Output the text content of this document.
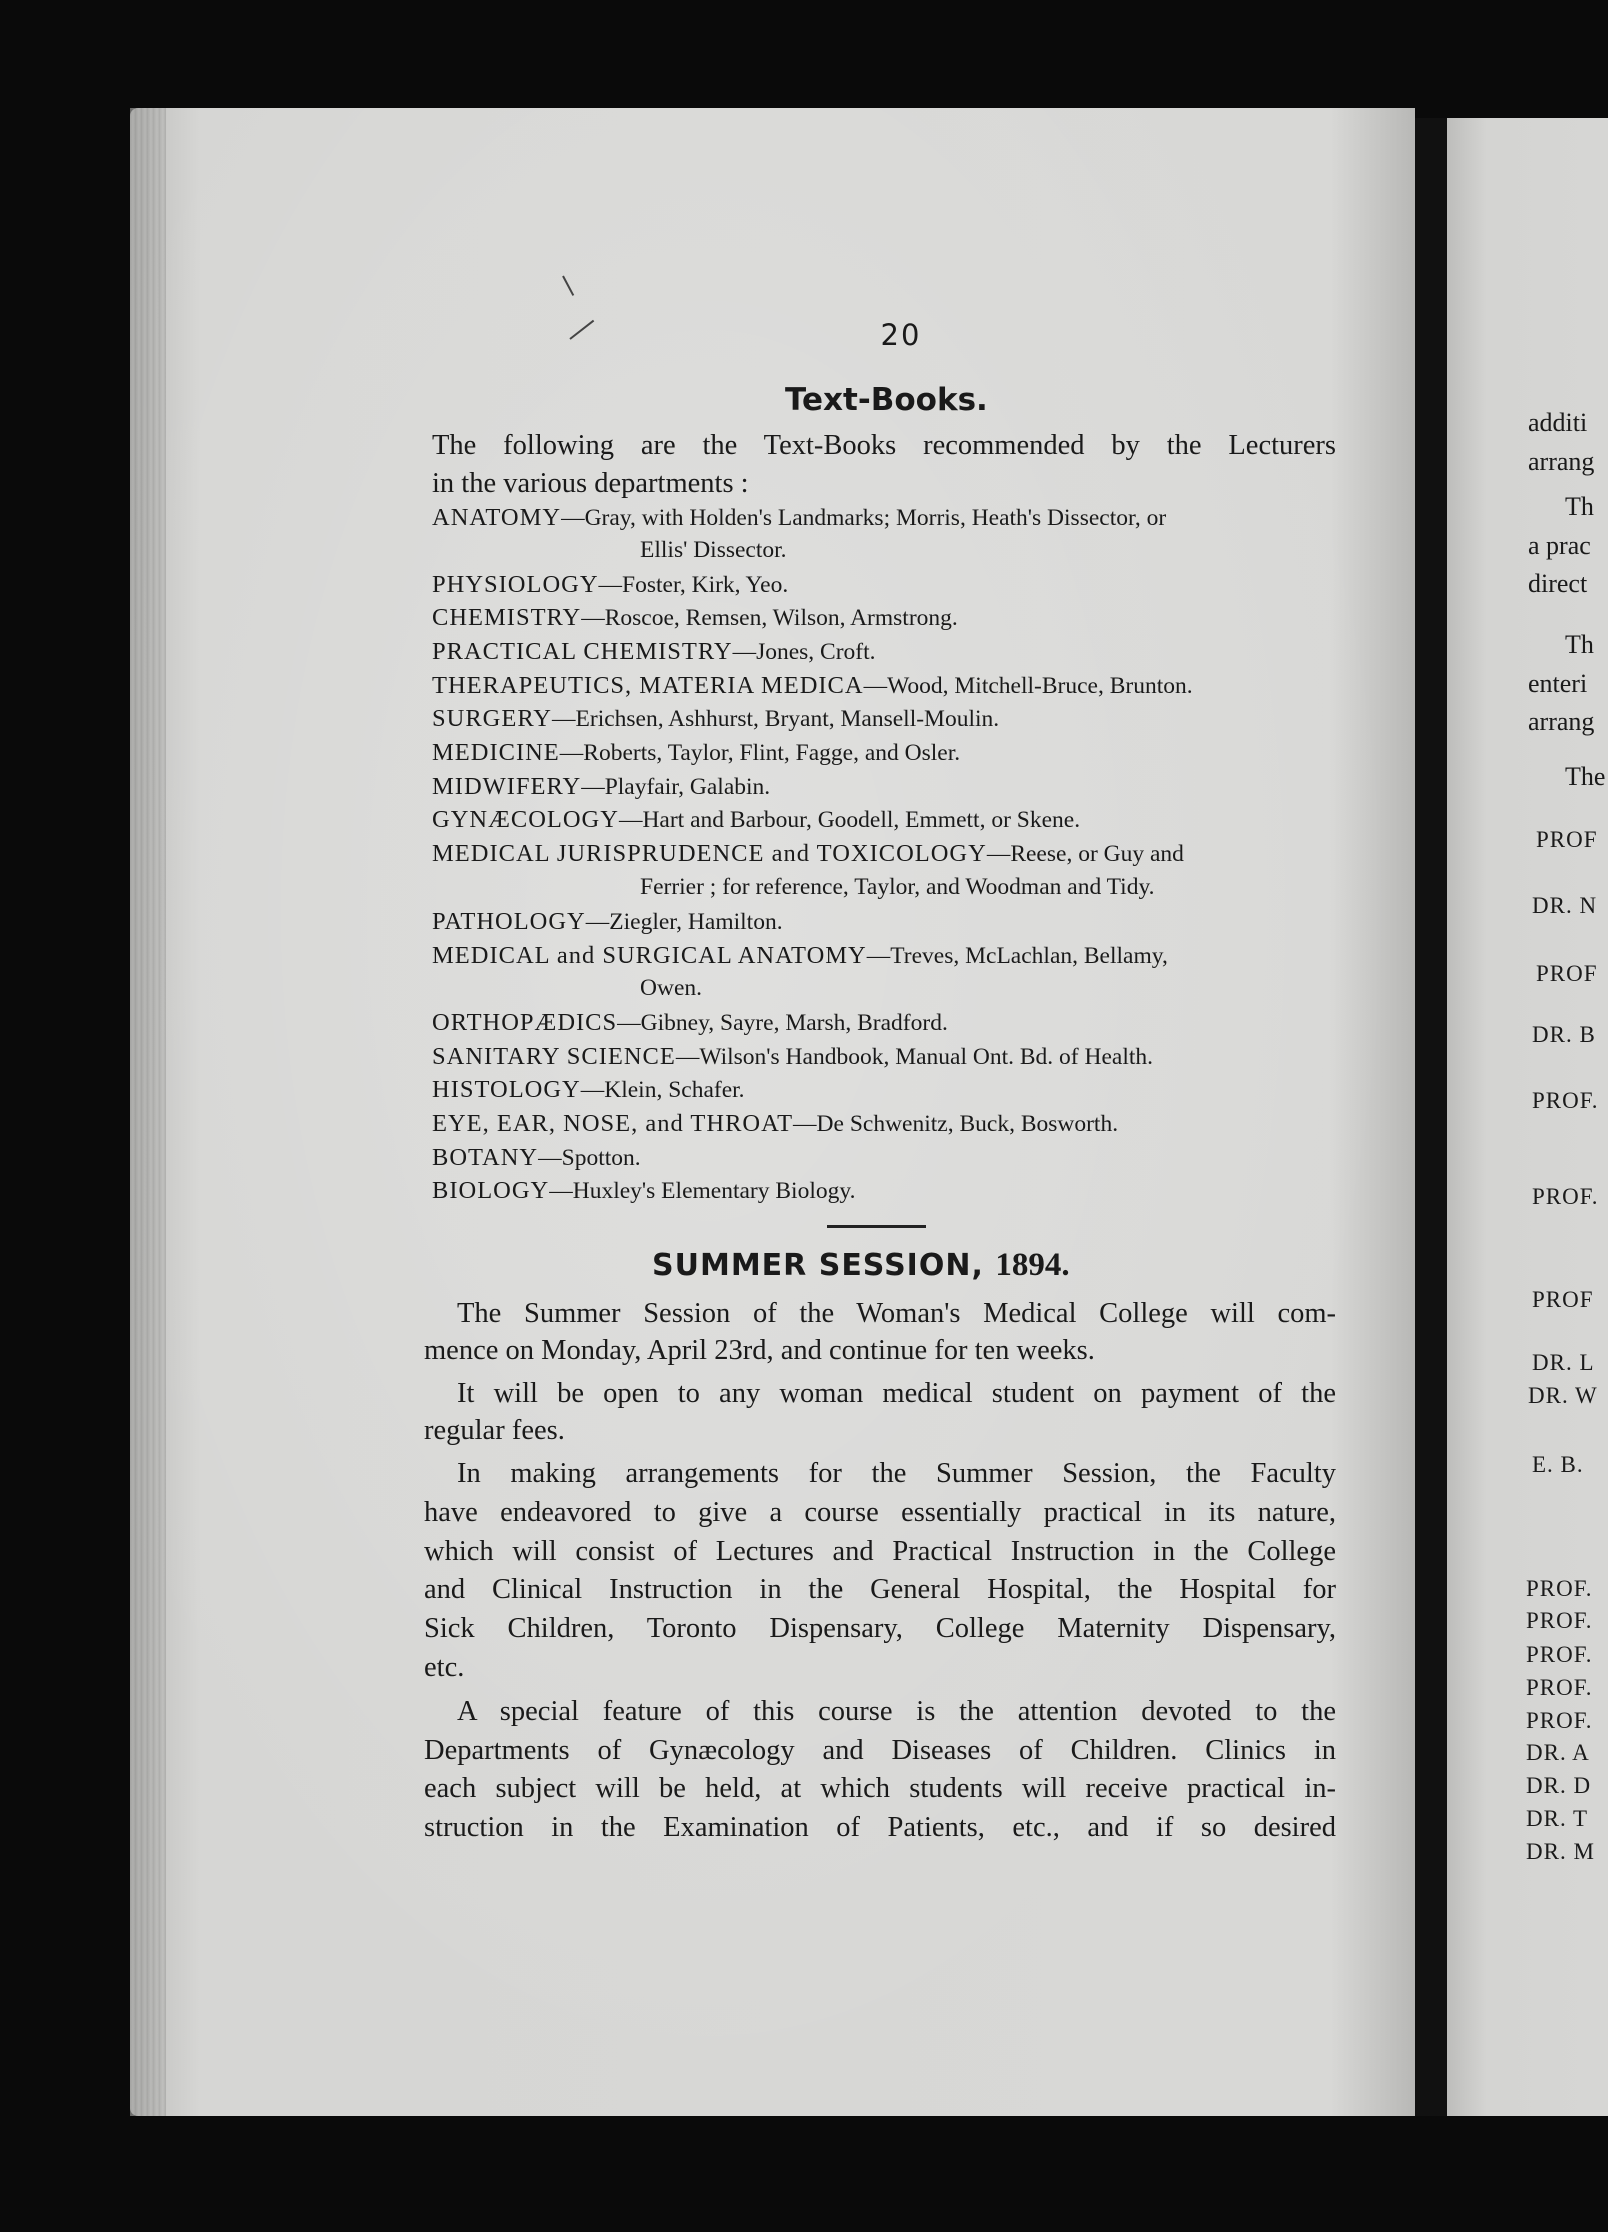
20
Text-Books.
The following are the Text-Books recommended by the Lecturers
in the various departments :
ANATOMY—Gray, with Holden's Landmarks; Morris, Heath's Dissector, or
Ellis' Dissector.
PHYSIOLOGY—Foster, Kirk, Yeo.
CHEMISTRY—Roscoe, Remsen, Wilson, Armstrong.
PRACTICAL CHEMISTRY—Jones, Croft.
THERAPEUTICS, MATERIA MEDICA—Wood, Mitchell-Bruce, Brunton.
SURGERY—Erichsen, Ashhurst, Bryant, Mansell-Moulin.
MEDICINE—Roberts, Taylor, Flint, Fagge, and Osler.
MIDWIFERY—Playfair, Galabin.
GYNÆCOLOGY—Hart and Barbour, Goodell, Emmett, or Skene.
MEDICAL JURISPRUDENCE and TOXICOLOGY—Reese, or Guy and
Ferrier ; for reference, Taylor, and Woodman and Tidy.
PATHOLOGY—Ziegler, Hamilton.
MEDICAL and SURGICAL ANATOMY—Treves, McLachlan, Bellamy,
Owen.
ORTHOPÆDICS—Gibney, Sayre, Marsh, Bradford.
SANITARY SCIENCE—Wilson's Handbook, Manual Ont. Bd. of Health.
HISTOLOGY—Klein, Schafer.
EYE, EAR, NOSE, and THROAT—De Schwenitz, Buck, Bosworth.
BOTANY—Spotton.
BIOLOGY—Huxley's Elementary Biology.
SUMMER SESSION, 1894.
The Summer Session of the Woman's Medical College will com-
mence on Monday, April 23rd, and continue for ten weeks.
It will be open to any woman medical student on payment of the
regular fees.
In making arrangements for the Summer Session, the Faculty
have endeavored to give a course essentially practical in its nature,
which will consist of Lectures and Practical Instruction in the College
and Clinical Instruction in the General Hospital, the Hospital for
Sick Children, Toronto Dispensary, College Maternity Dispensary,
etc.
A special feature of this course is the attention devoted to the
Departments of Gynæcology and Diseases of Children. Clinics in
each subject will be held, at which students will receive practical in-
struction in the Examination of Patients, etc., and if so desired
additi
arrang
Th
a prac
direct
Th
enteri
arrang
The
PROF
DR. N
PROF
DR. B
PROF.
PROF.
PROF
DR. L
DR. W
E. B.
PROF.
PROF.
PROF.
PROF.
PROF.
DR. A
DR. D
DR. T
DR. M
